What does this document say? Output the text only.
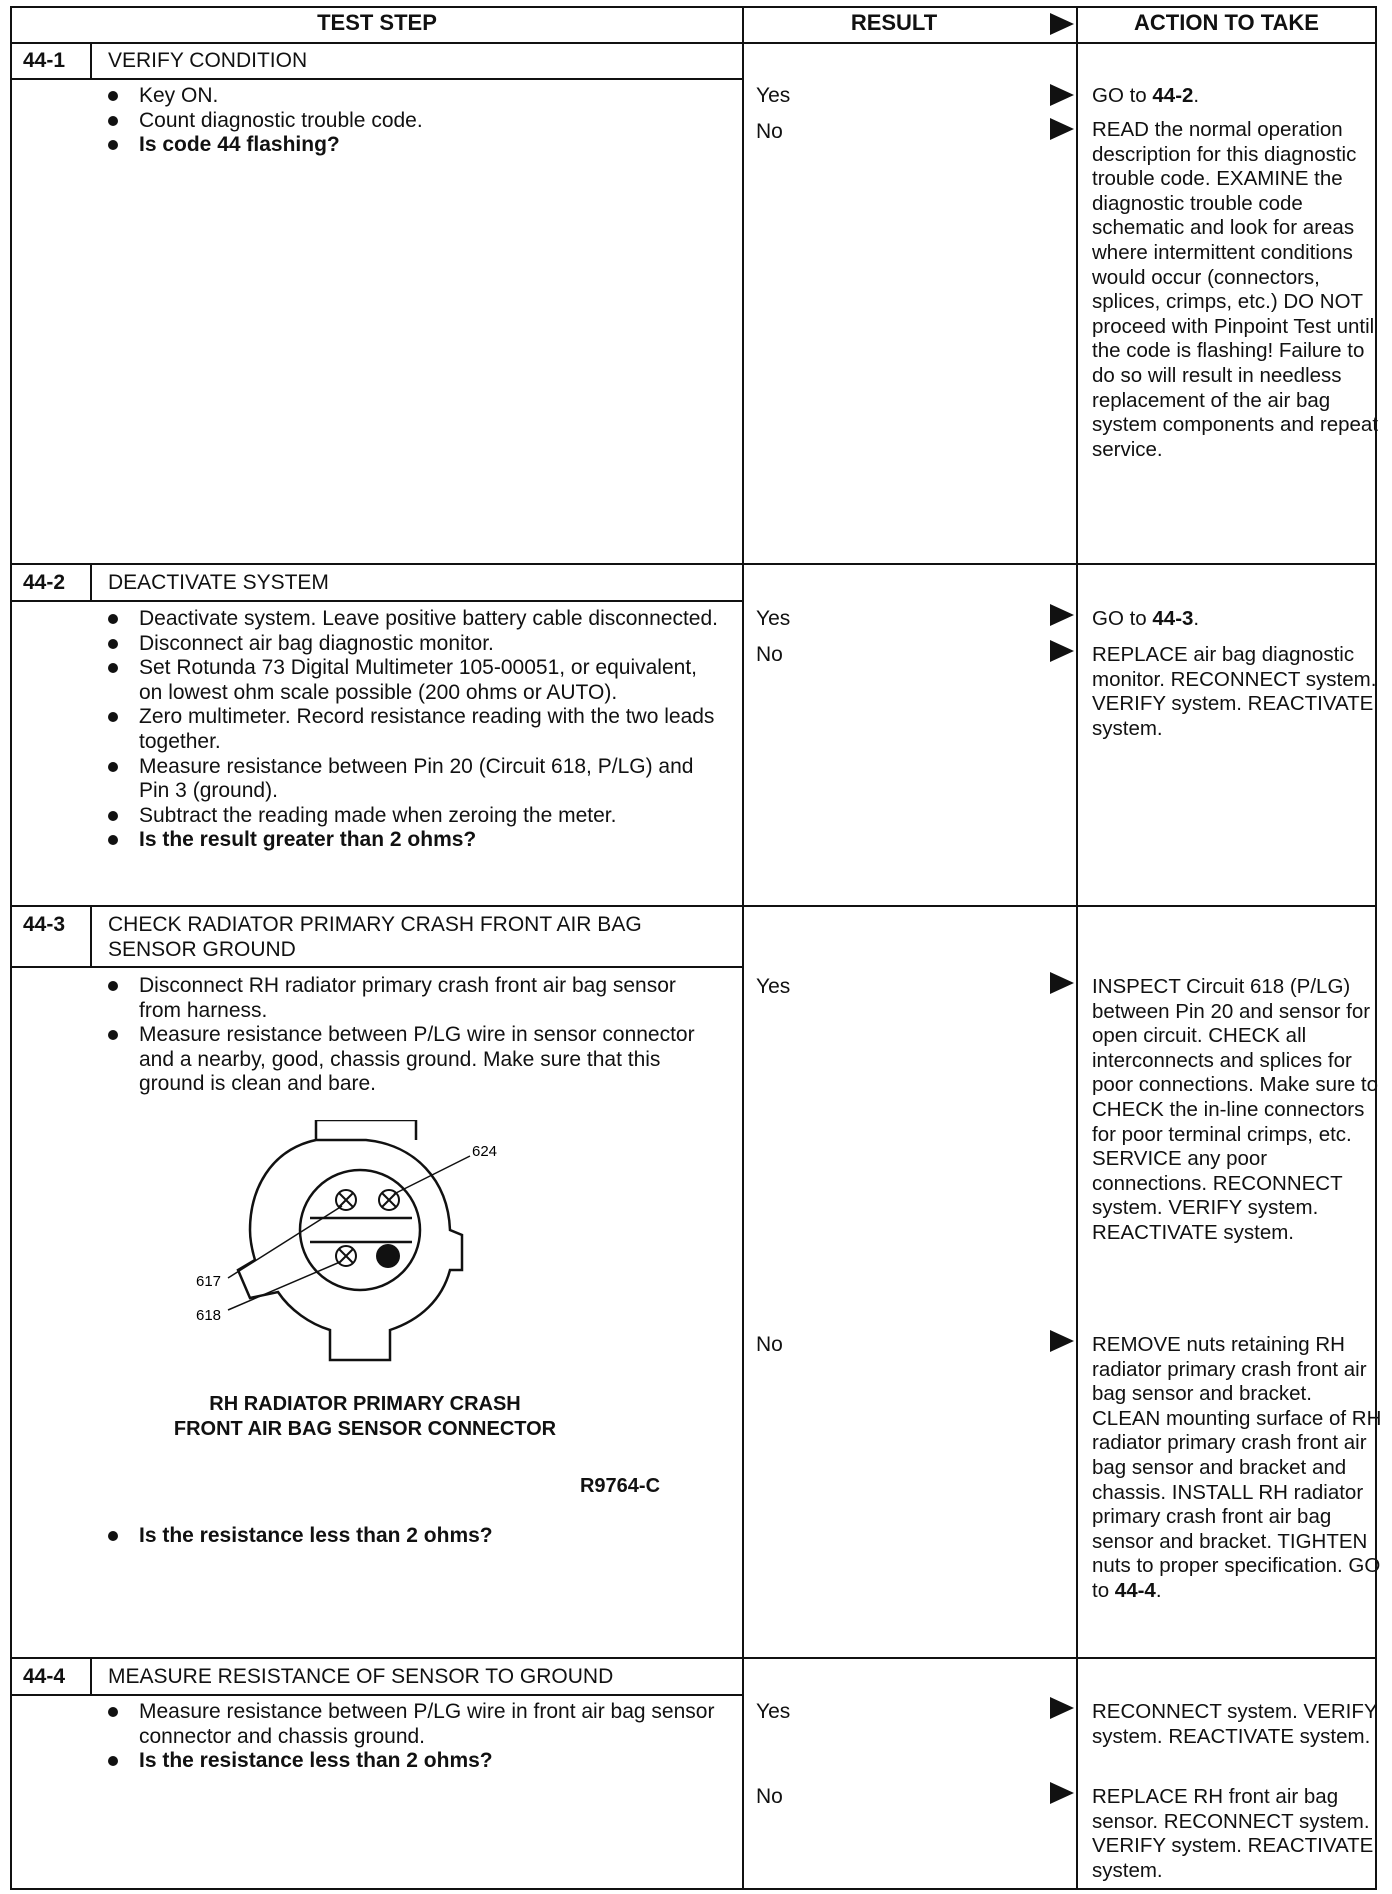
TEST STEP	RESULT	ACTION TO TAKE
44-1	VERIFY CONDITION
Key ON.
Count diagnostic trouble code.
Is code 44 flashing?
Yes	GO to 44-2.
No	READ the normal operation description for this diagnostic trouble code. EXAMINE the diagnostic trouble code schematic and look for areas where intermittent conditions would occur (connectors, splices, crimps, etc.) DO NOT proceed with Pinpoint Test until the code is flashing! Failure to do so will result in needless replacement of the air bag system components and repeat service.
44-2	DEACTIVATE SYSTEM
Deactivate system. Leave positive battery cable disconnected.
Disconnect air bag diagnostic monitor.
Set Rotunda 73 Digital Multimeter 105-00051, or equivalent, on lowest ohm scale possible (200 ohms or AUTO).
Zero multimeter. Record resistance reading with the two leads together.
Measure resistance between Pin 20 (Circuit 618, P/LG) and Pin 3 (ground).
Subtract the reading made when zeroing the meter.
Is the result greater than 2 ohms?
Yes	GO to 44-3.
No	REPLACE air bag diagnostic monitor. RECONNECT system. VERIFY system. REACTIVATE system.
44-3	CHECK RADIATOR PRIMARY CRASH FRONT AIR BAG SENSOR GROUND
Disconnect RH radiator primary crash front air bag sensor from harness.
Measure resistance between P/LG wire in sensor connector and a nearby, good, chassis ground. Make sure that this ground is clean and bare.
624
617
618
RH RADIATOR PRIMARY CRASH
FRONT AIR BAG SENSOR CONNECTOR
R9764-C
Is the resistance less than 2 ohms?
Yes	INSPECT Circuit 618 (P/LG) between Pin 20 and sensor for open circuit. CHECK all interconnects and splices for poor connections. Make sure to CHECK the in-line connectors for poor terminal crimps, etc. SERVICE any poor connections. RECONNECT system. VERIFY system. REACTIVATE system.
No	REMOVE nuts retaining RH radiator primary crash front air bag sensor and bracket. CLEAN mounting surface of RH radiator primary crash front air bag sensor and bracket and chassis. INSTALL RH radiator primary crash front air bag sensor and bracket. TIGHTEN nuts to proper specification. GO to 44-4.
44-4	MEASURE RESISTANCE OF SENSOR TO GROUND
Measure resistance between P/LG wire in front air bag sensor connector and chassis ground.
Is the resistance less than 2 ohms?
Yes	RECONNECT system. VERIFY system. REACTIVATE system.
No	REPLACE RH front air bag sensor. RECONNECT system. VERIFY system. REACTIVATE system.
